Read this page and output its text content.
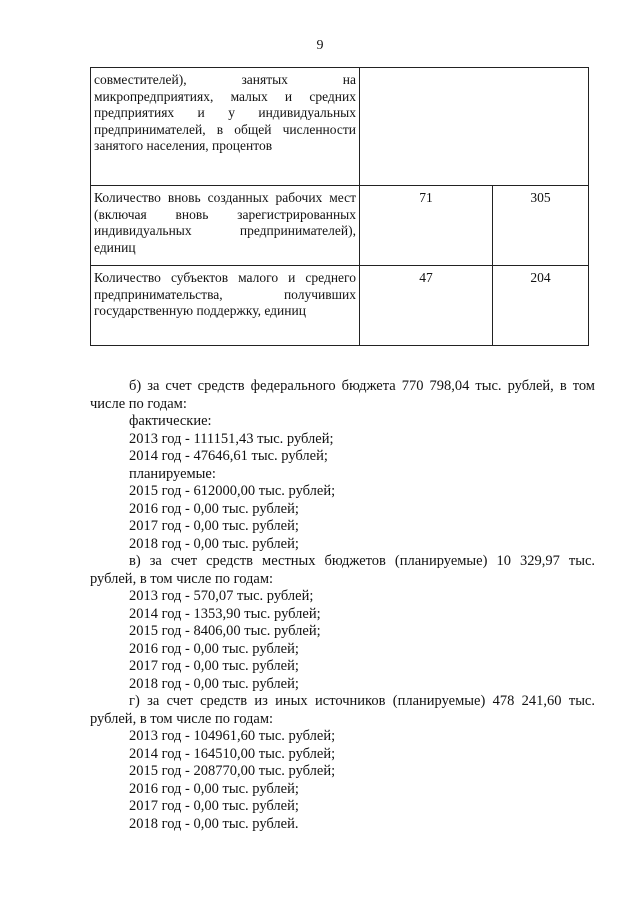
9
совместителей), занятых на микропредприятиях, малых и средних предприятиях и у индивидуальных предпринимателей, в общей численности занятого населения, процентов		
Количество вновь созданных рабочих мест (включая вновь зарегистрированных индивидуальных предпринимателей), единиц	71	305
Количество субъектов малого и среднего предпринимательства, получивших государственную поддержку, единиц	47	204

б) за счет средств федерального бюджета 770 798,04 тыс. рублей, в том числе по годам:

фактические:

2013 год - 111151,43 тыс. рублей;

2014 год - 47646,61 тыс. рублей;

планируемые:

2015 год - 612000,00 тыс. рублей;

2016 год - 0,00 тыс. рублей;

2017 год - 0,00 тыс. рублей;

2018 год - 0,00 тыс. рублей;

в) за счет средств местных бюджетов (планируемые) 10 329,97 тыс. рублей, в том числе по годам:

2013 год - 570,07 тыс. рублей;

2014 год - 1353,90 тыс. рублей;

2015 год - 8406,00 тыс. рублей;

2016 год - 0,00 тыс. рублей;

2017 год - 0,00 тыс. рублей;

2018 год - 0,00 тыс. рублей;

г) за счет средств из иных источников (планируемые) 478 241,60 тыс. рублей, в том числе по годам:

2013 год - 104961,60 тыс. рублей;

2014 год - 164510,00 тыс. рублей;

2015 год - 208770,00 тыс. рублей;

2016 год - 0,00 тыс. рублей;

2017 год - 0,00 тыс. рублей;

2018 год - 0,00 тыс. рублей.
